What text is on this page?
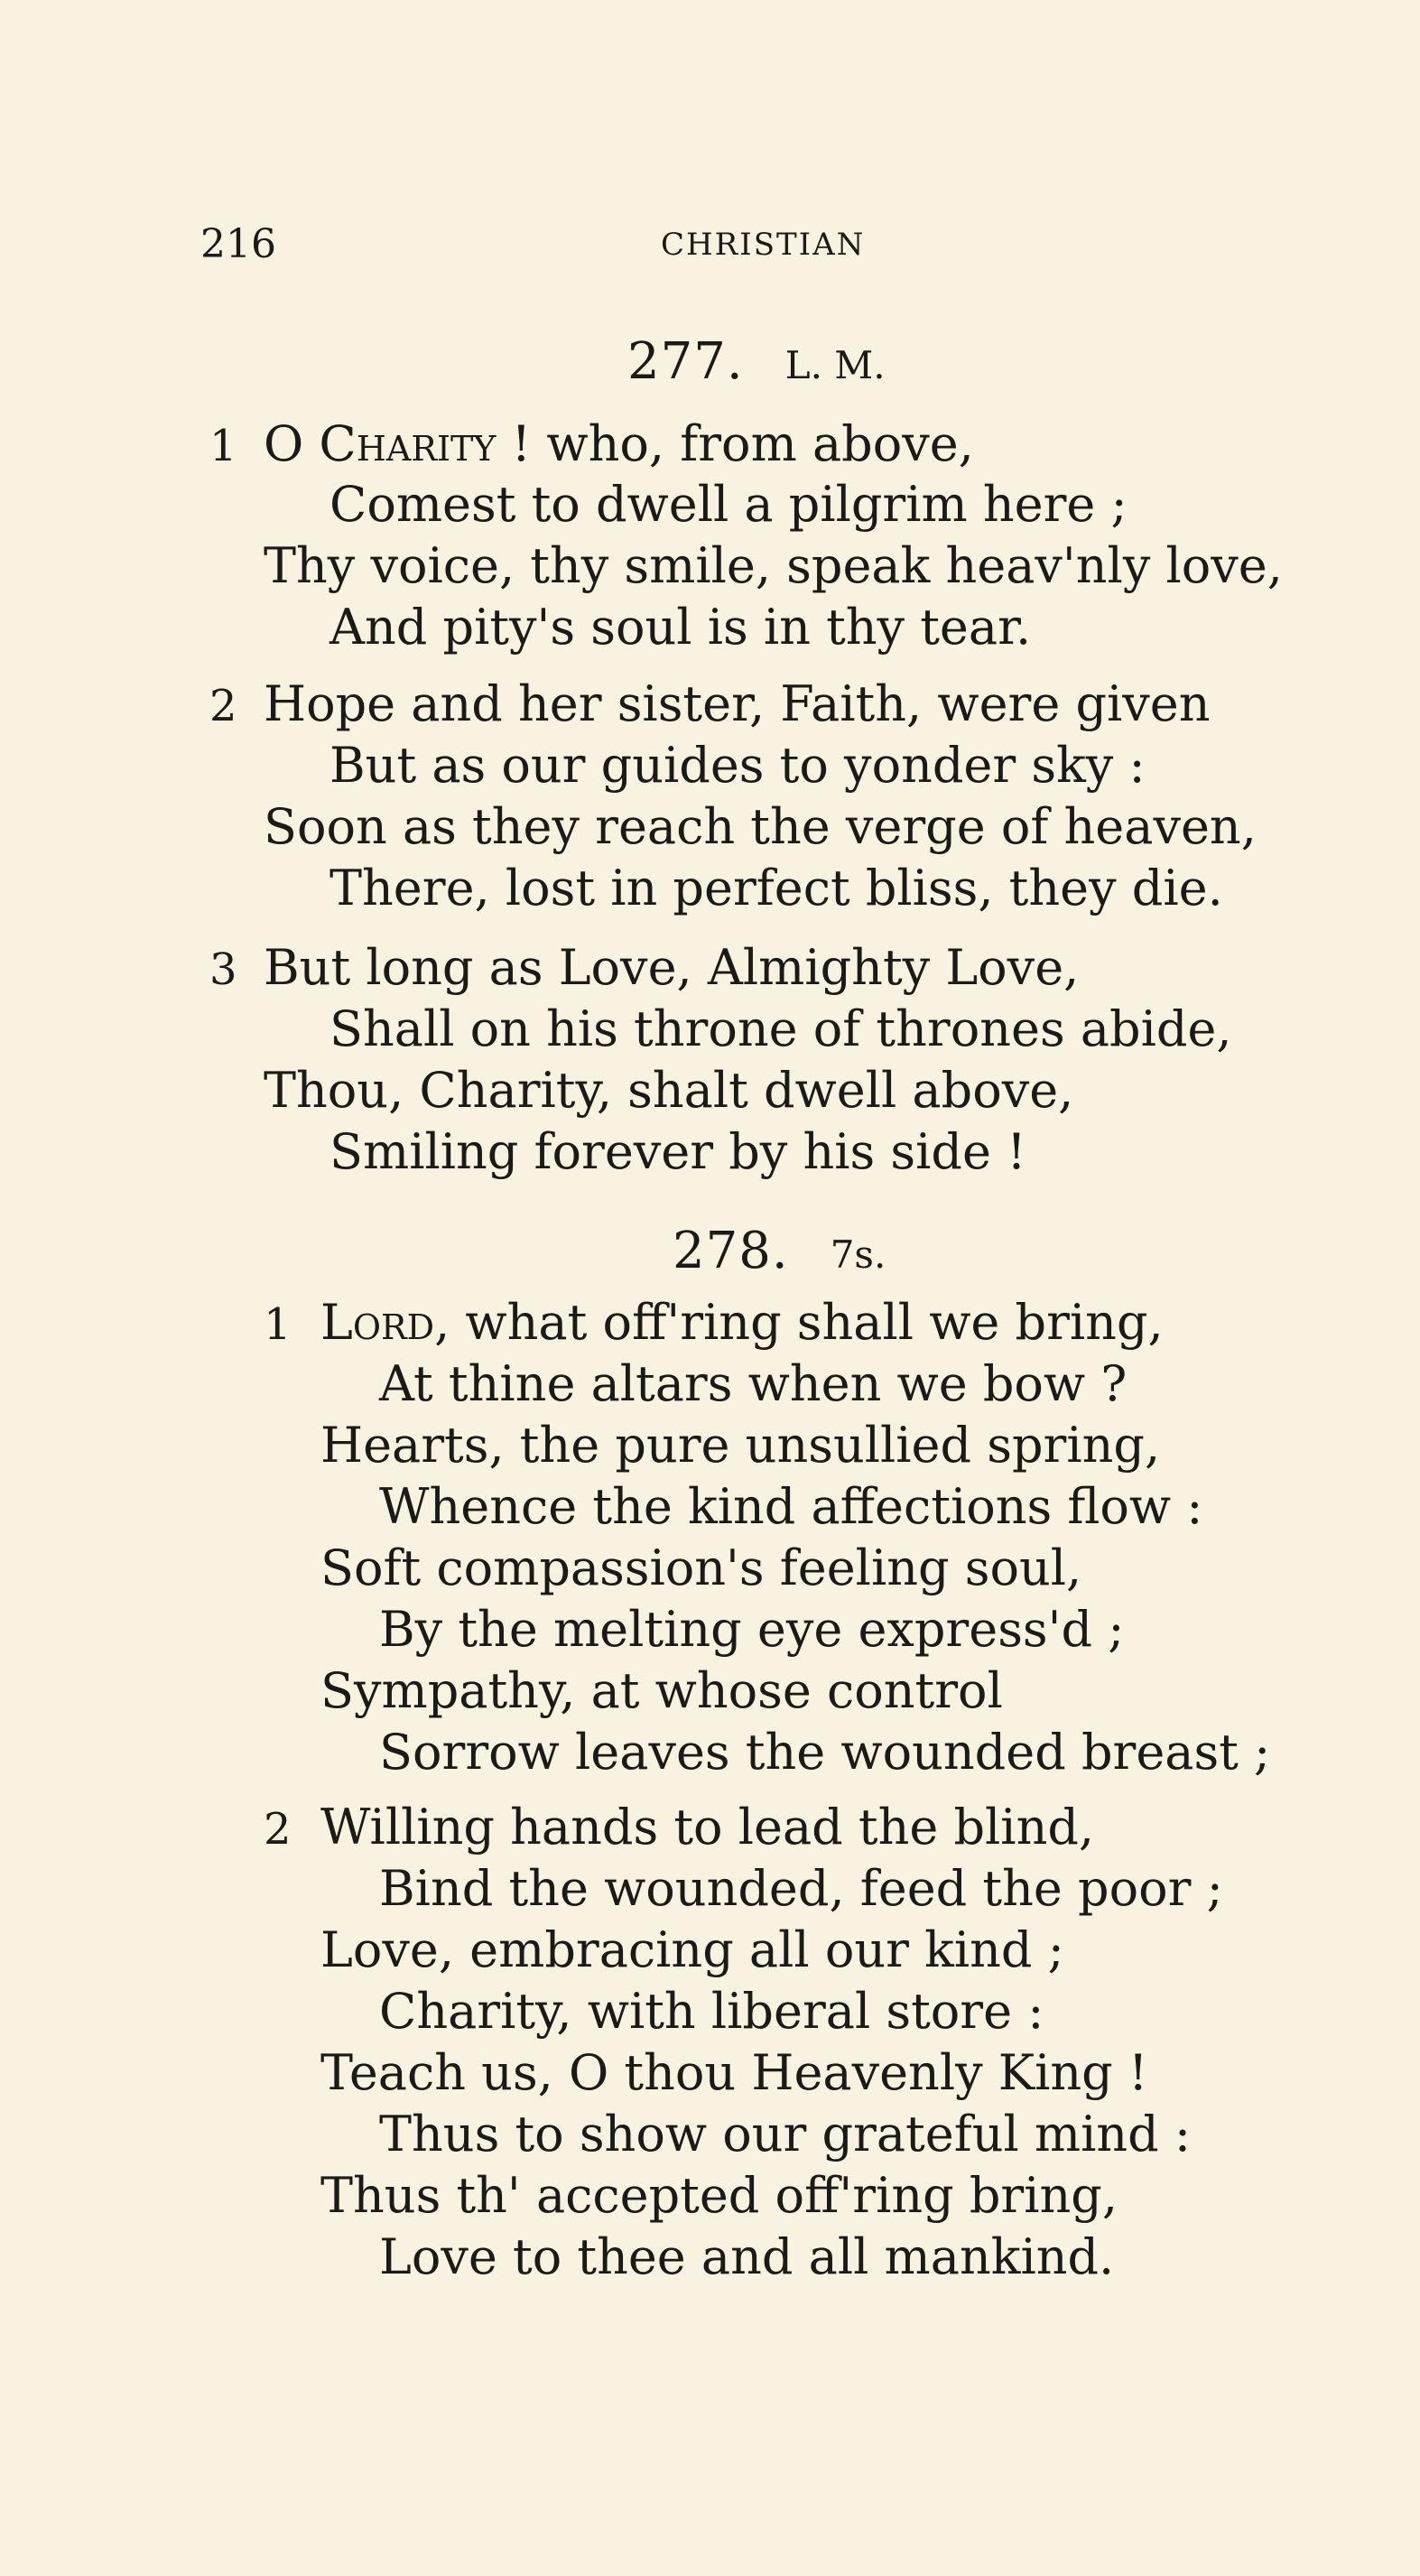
216	CHRISTIAN
277. L. M.
1 O Charity ! who, from above,
Comest to dwell a pilgrim here ;
Thy voice, thy smile, speak heav'nly love,
And pity's soul is in thy tear.
2 Hope and her sister, Faith, were given
But as our guides to yonder sky :
Soon as they reach the verge of heaven,
There, lost in perfect bliss, they die.
3 But long as Love, Almighty Love,
Shall on his throne of thrones abide,
Thou, Charity, shalt dwell above,
Smiling forever by his side !
278. 7s.
1 Lord, what off'ring shall we bring,
At thine altars when we bow ?
Hearts, the pure unsullied spring,
Whence the kind affections flow :
Soft compassion's feeling soul,
By the melting eye express'd ;
Sympathy, at whose control
Sorrow leaves the wounded breast ;
2 Willing hands to lead the blind,
Bind the wounded, feed the poor ;
Love, embracing all our kind ;
Charity, with liberal store :
Teach us, O thou Heavenly King !
Thus to show our grateful mind :
Thus th' accepted off'ring bring,
Love to thee and all mankind.
